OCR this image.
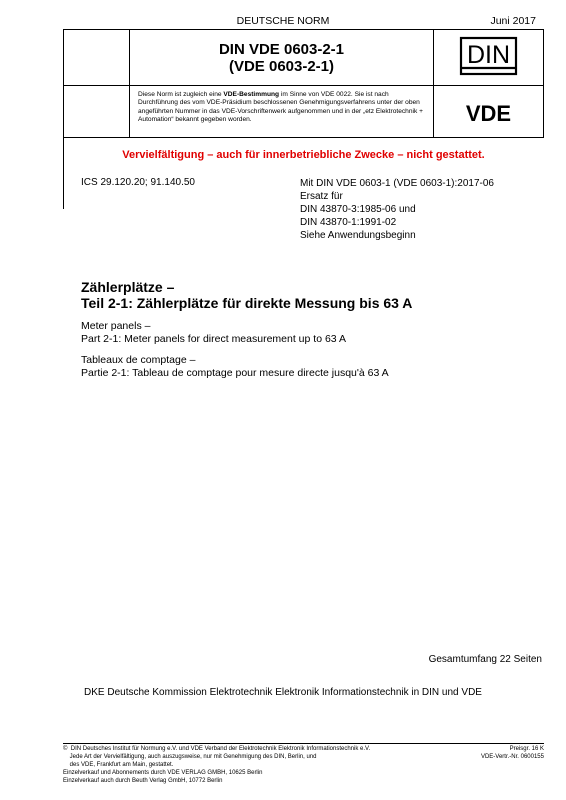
DEUTSCHE NORM	Juni 2017
DIN VDE 0603-2-1
(VDE 0603-2-1)	DIN
Diese Norm ist zugleich eine VDE-Bestimmung im Sinne von VDE 0022. Sie ist nach Durchführung des vom VDE-Präsidium beschlossenen Genehmigungsverfahrens unter der oben angeführten Nummer in das VDE-Vorschriftenwerk aufgenommen und in der „etz Elektrotechnik + Automation“ bekannt gegeben worden.	VDE
Vervielfältigung – auch für innerbetriebliche Zwecke – nicht gestattet.
ICS 29.120.20; 91.140.50	Mit DIN VDE 0603-1 (VDE 0603-1):2017-06
Ersatz für
DIN 43870-3:1985-06 und
DIN 43870-1:1991-02
Siehe Anwendungsbeginn
Zählerplätze –
Teil 2-1: Zählerplätze für direkte Messung bis 63 A
Meter panels –
Part 2-1: Meter panels for direct measurement up to 63 A
Tableaux de comptage –
Partie 2-1: Tableau de comptage pour mesure directe jusqu'à 63 A
Gesamtumfang 22 Seiten
DKE Deutsche Kommission Elektrotechnik Elektronik Informationstechnik in DIN und VDE
©  DIN Deutsches Institut für Normung e.V. und VDE Verband der Elektrotechnik Elektronik Informationstechnik e.V.
Jede Art der Vervielfältigung, auch auszugsweise, nur mit Genehmigung des DIN, Berlin, und
des VDE, Frankfurt am Main, gestattet.
Einzelverkauf und Abonnements durch VDE VERLAG GMBH, 10625 Berlin
Einzelverkauf auch durch Beuth Verlag GmbH, 10772 Berlin
Preisgr. 16 K
VDE-Vertr.-Nr. 0600155
